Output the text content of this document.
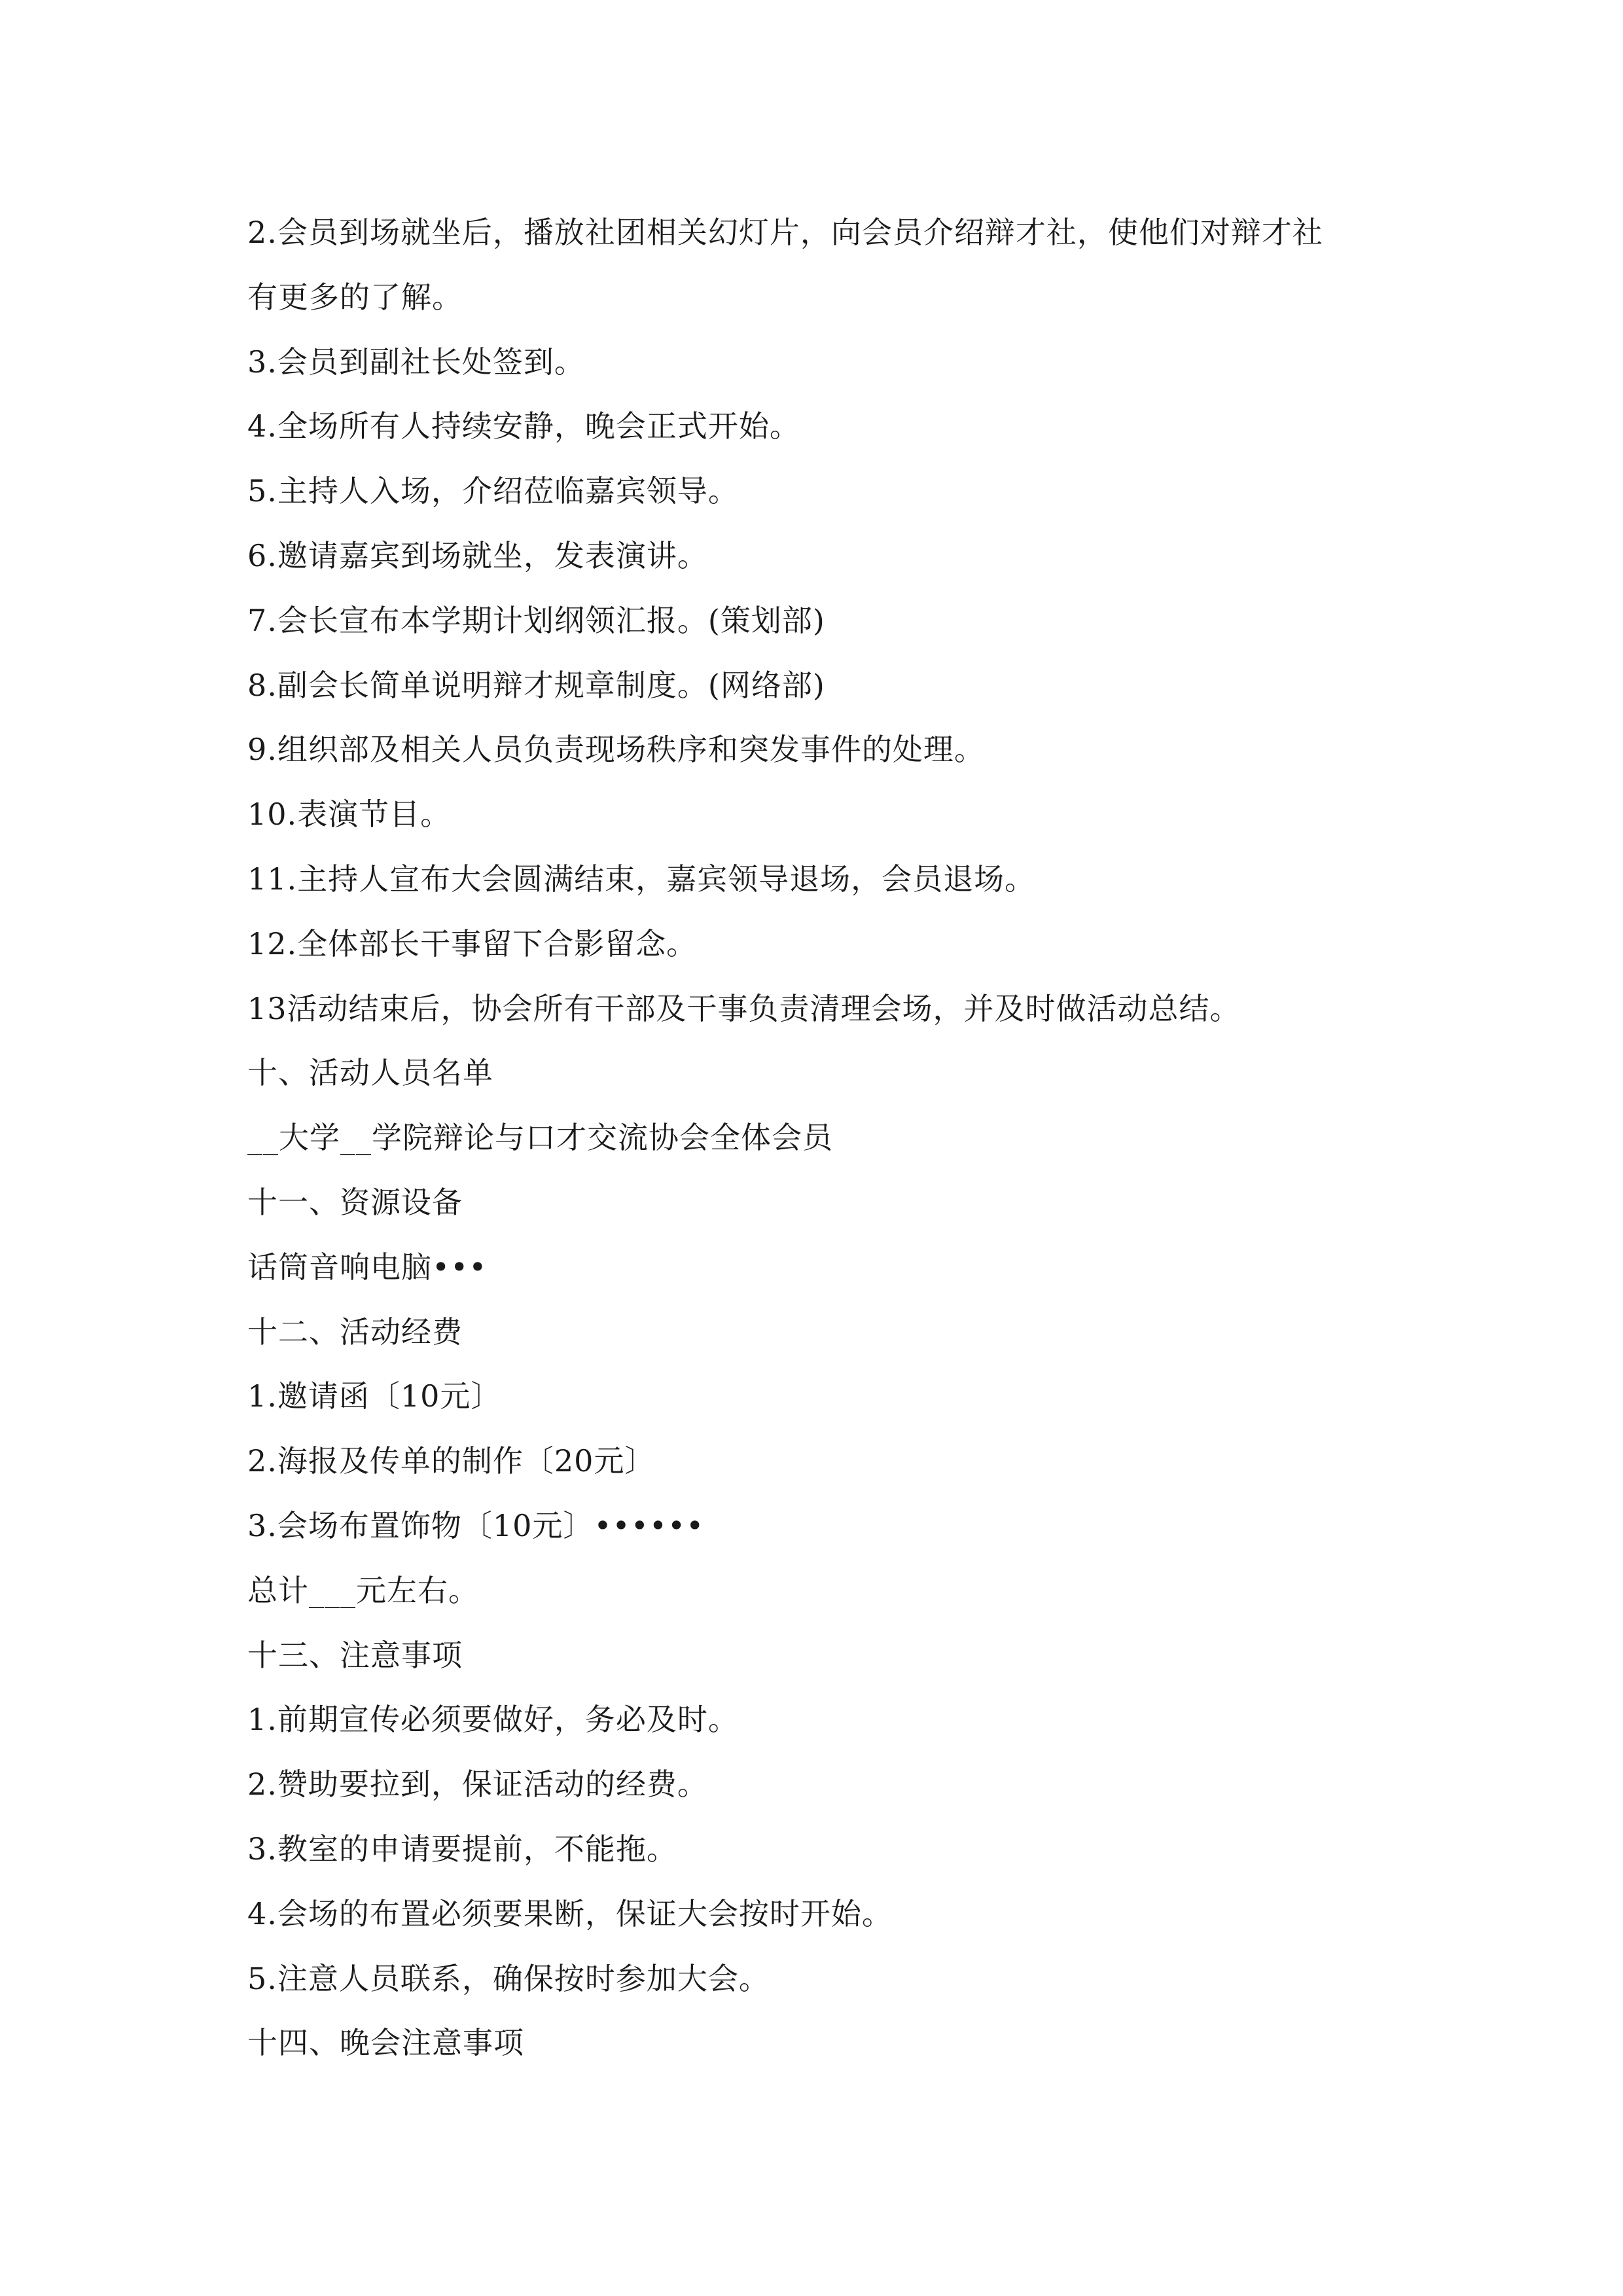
2.会员到场就坐后，播放社团相关幻灯片，向会员介绍辩才社，使他们对辩才社
有更多的了解。
3.会员到副社长处签到。
4.全场所有人持续安静，晚会正式开始。
5.主持人入场，介绍莅临嘉宾领导。
6.邀请嘉宾到场就坐，发表演讲。
7.会长宣布本学期计划纲领汇报。(策划部)
8.副会长简单说明辩才规章制度。(网络部)
9.组织部及相关人员负责现场秩序和突发事件的处理。
10.表演节目。
11.主持人宣布大会圆满结束，嘉宾领导退场，会员退场。
12.全体部长干事留下合影留念。
13活动结束后，协会所有干部及干事负责清理会场，并及时做活动总结。
十、活动人员名单
__大学__学院辩论与口才交流协会全体会员
十一、资源设备
话筒音响电脑•••
十二、活动经费
1.邀请函〔10元〕
2.海报及传单的制作〔20元〕
3.会场布置饰物〔10元〕••••••
总计___元左右。
十三、注意事项
1.前期宣传必须要做好，务必及时。
2.赞助要拉到，保证活动的经费。
3.教室的申请要提前，不能拖。
4.会场的布置必须要果断，保证大会按时开始。
5.注意人员联系，确保按时参加大会。
十四、晚会注意事项
